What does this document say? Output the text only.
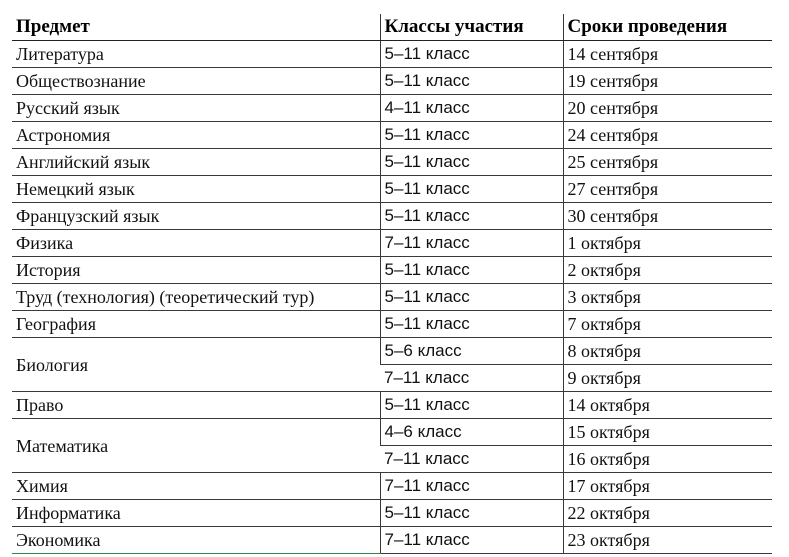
Предмет	Классы участия	Сроки проведения
Литература	5–11 класс	14 сентября
Обществознание	5–11 класс	19 сентября
Русский язык	4–11 класс	20 сентября
Астрономия	5–11 класс	24 сентября
Английский язык	5–11 класс	25 сентября
Немецкий язык	5–11 класс	27 сентября
Французский язык	5–11 класс	30 сентября
Физика	7–11 класс	1 октября
История	5–11 класс	2 октября
Труд (технология) (теоретический тур)	5–11 класс	3 октября
География	5–11 класс	7 октября
Биология	5–6 класс	8 октября
	7–11 класс	9 октября
Право	5–11 класс	14 октября
Математика	4–6 класс	15 октября
	7–11 класс	16 октября
Химия	7–11 класс	17 октября
Информатика	5–11 класс	22 октября
Экономика	7–11 класс	23 октября
